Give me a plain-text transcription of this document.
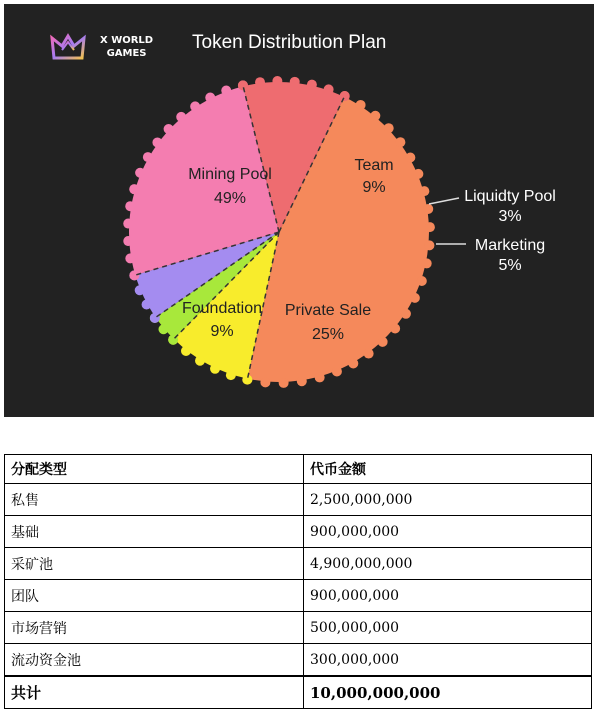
X WORLD
GAMES
Token Distribution Plan
Mining Pool
49%
Team
9%
Liquidty Pool
3%
Marketing
5%
Private Sale
25%
Foundation
9%
分配类型	代币金额
私售	2,500,000,000
基础	900,000,000
采矿池	4,900,000,000
团队	900,000,000
市场营销	500,000,000
流动资金池	300,000,000
共计	10,000,000,000
